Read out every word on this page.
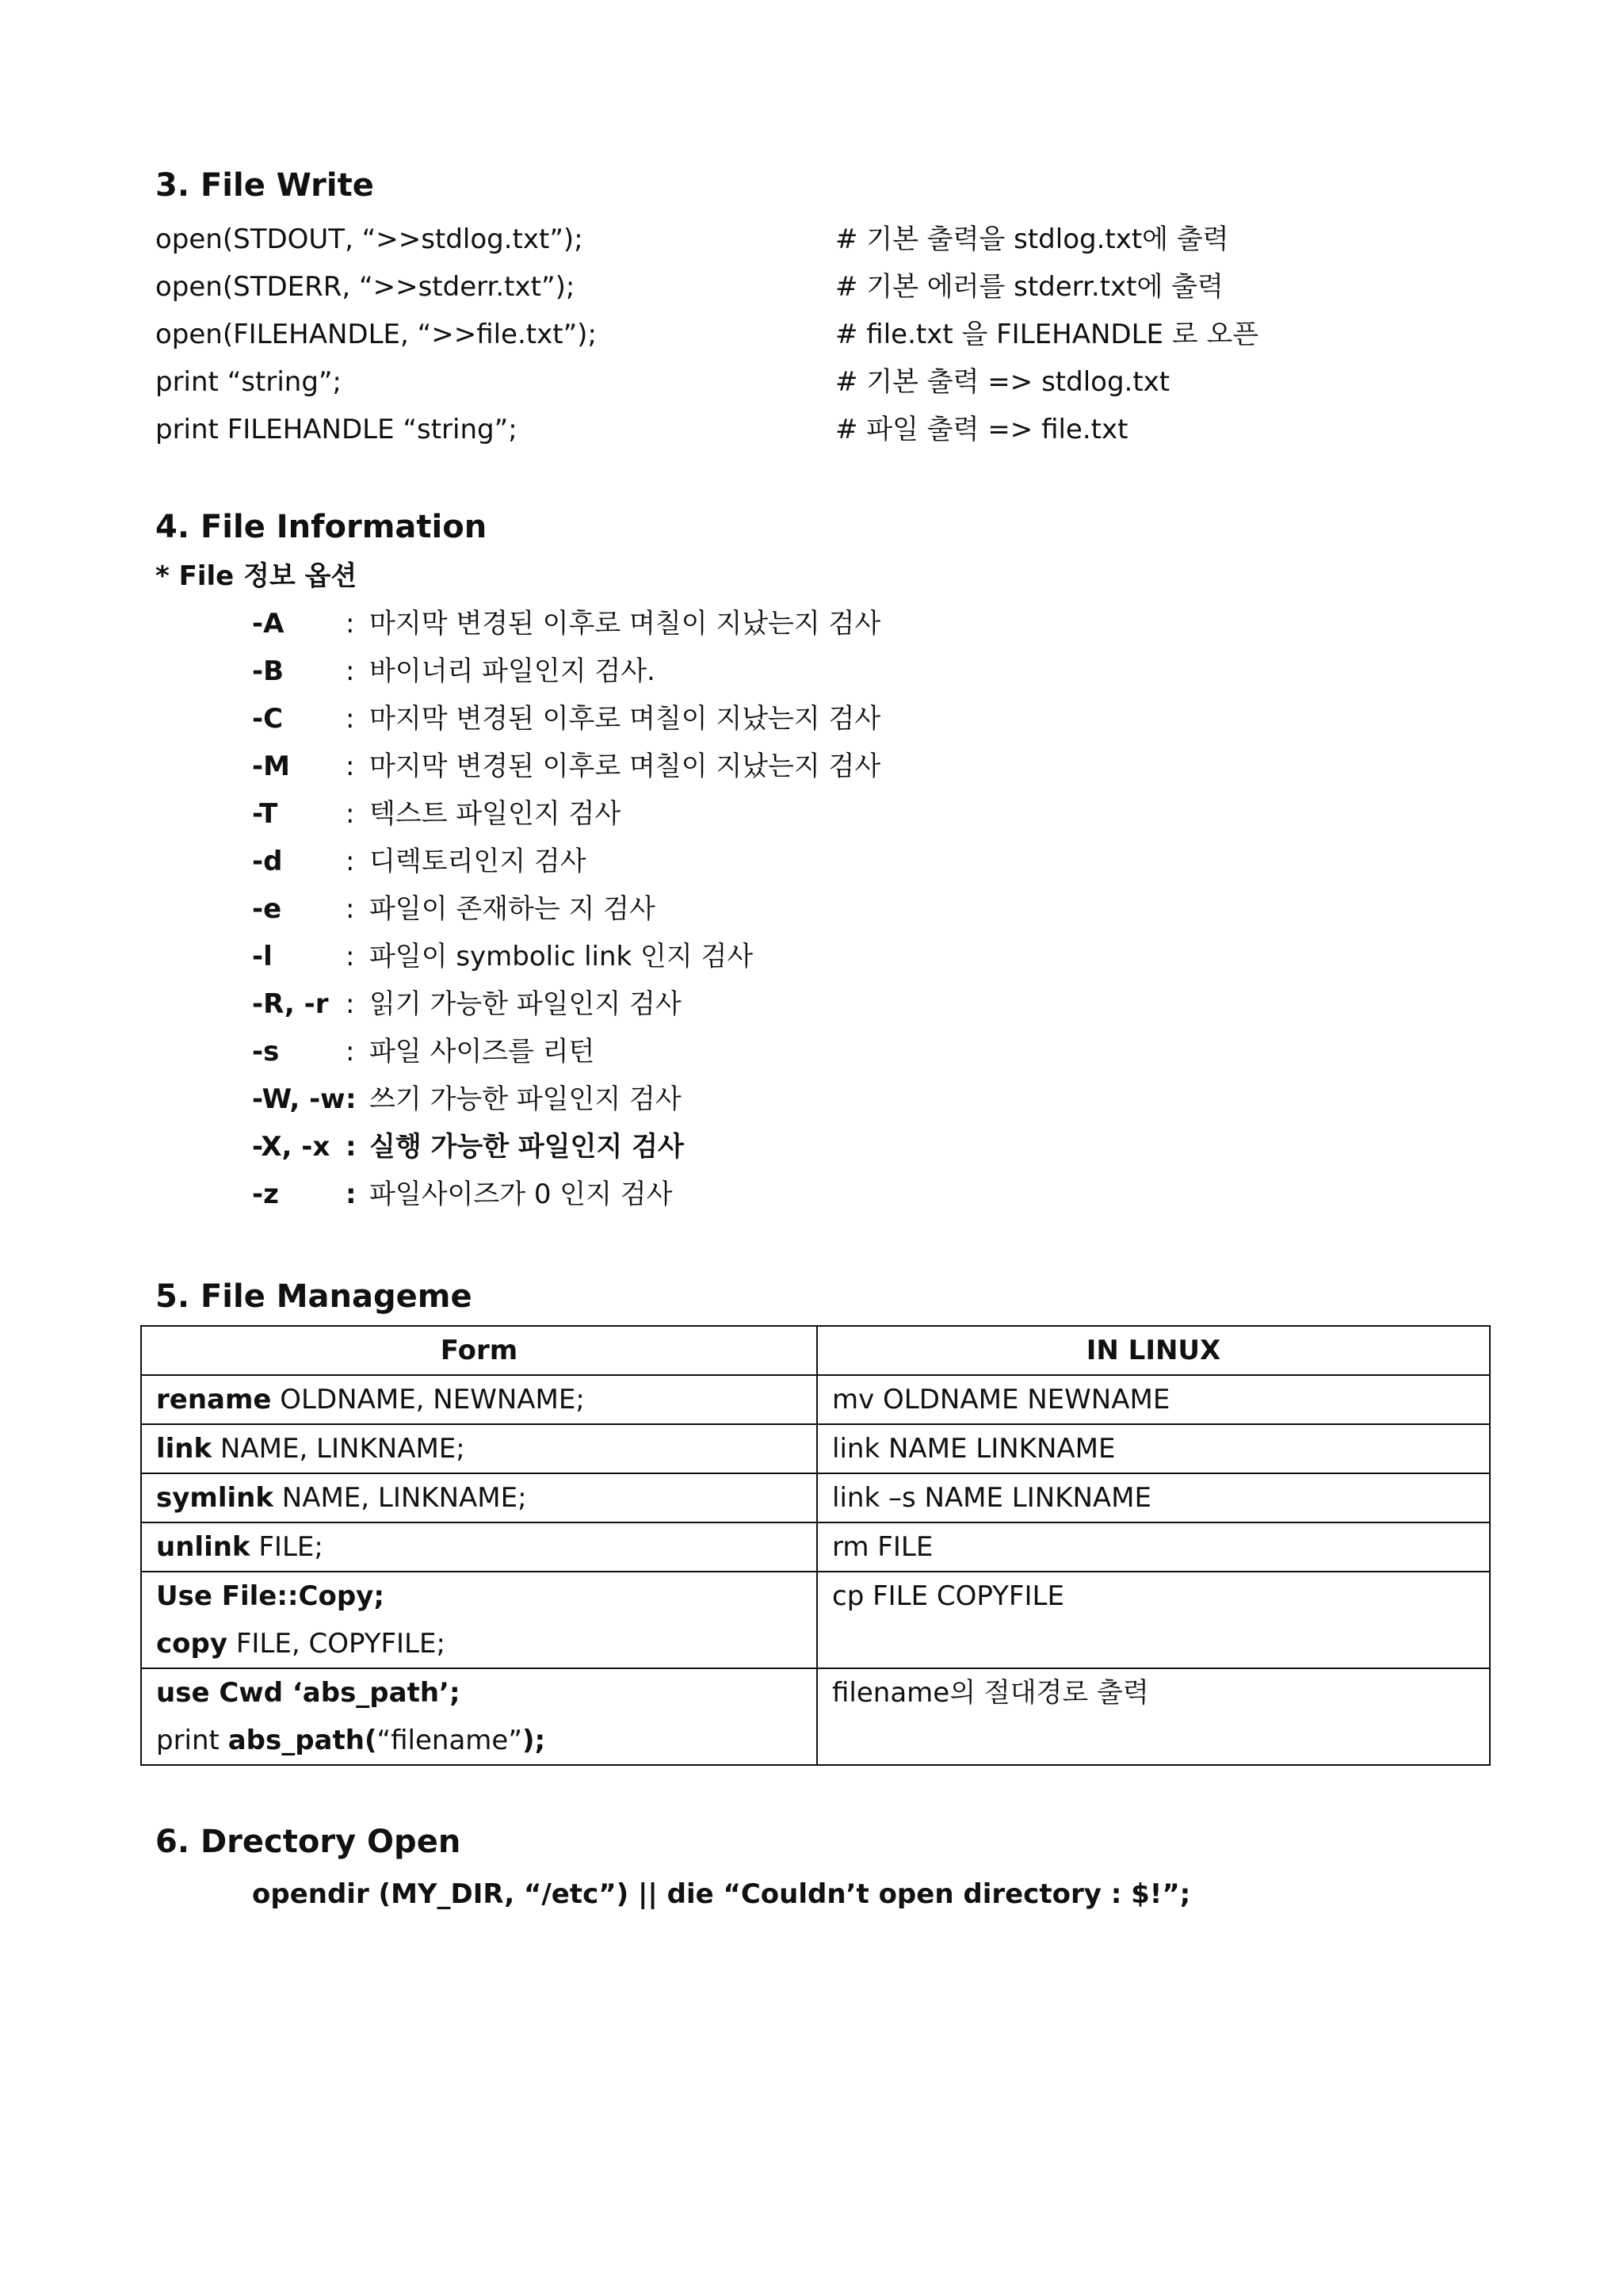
3. File Write
open(STDOUT, “>>stdlog.txt”);	# 기본 출력을 stdlog.txt에 출력
open(STDERR, “>>stderr.txt”);	# 기본 에러를 stderr.txt에 출력
open(FILEHANDLE, “>>file.txt”);	# file.txt 을 FILEHANDLE 로 오픈
print “string”;	# 기본 출력 => stdlog.txt
print FILEHANDLE “string”;	# 파일 출력 => file.txt
4. File Information
* File 정보 옵션
-A : 마지막 변경된 이후로 며칠이 지났는지 검사
-B : 바이너리 파일인지 검사.
-C : 마지막 변경된 이후로 며칠이 지났는지 검사
-M : 마지막 변경된 이후로 며칠이 지났는지 검사
-T	: 텍스트 파일인지 검사
-d : 디렉토리인지 검사
-e : 파일이 존재하는 지 검사
-l	: 파일이 symbolic link 인지 검사
-R, -r : 읽기 가능한 파일인지 검사
-s : 파일 사이즈를 리턴
-W, -w : 쓰기 가능한 파일인지 검사
-X, -x : 실행 가능한 파일인지 검사
-z : 파일사이즈가 0 인지 검사
5. File Manageme
Form	IN LINUX
rename OLDNAME, NEWNAME;	mv OLDNAME NEWNAME
link NAME, LINKNAME;	link NAME LINKNAME
symlink NAME, LINKNAME;	link –s NAME LINKNAME
unlink FILE;	rm FILE

Use File::Copy;
copy FILE, COPYFILE;	cp FILE COPYFILE

use Cwd ‘abs_path’;
print abs_path(“filename”);	filename의 절대경로 출력
6. Drectory Open
opendir (MY_DIR, “/etc”) || die “Couldn’t open directory : $!”;
